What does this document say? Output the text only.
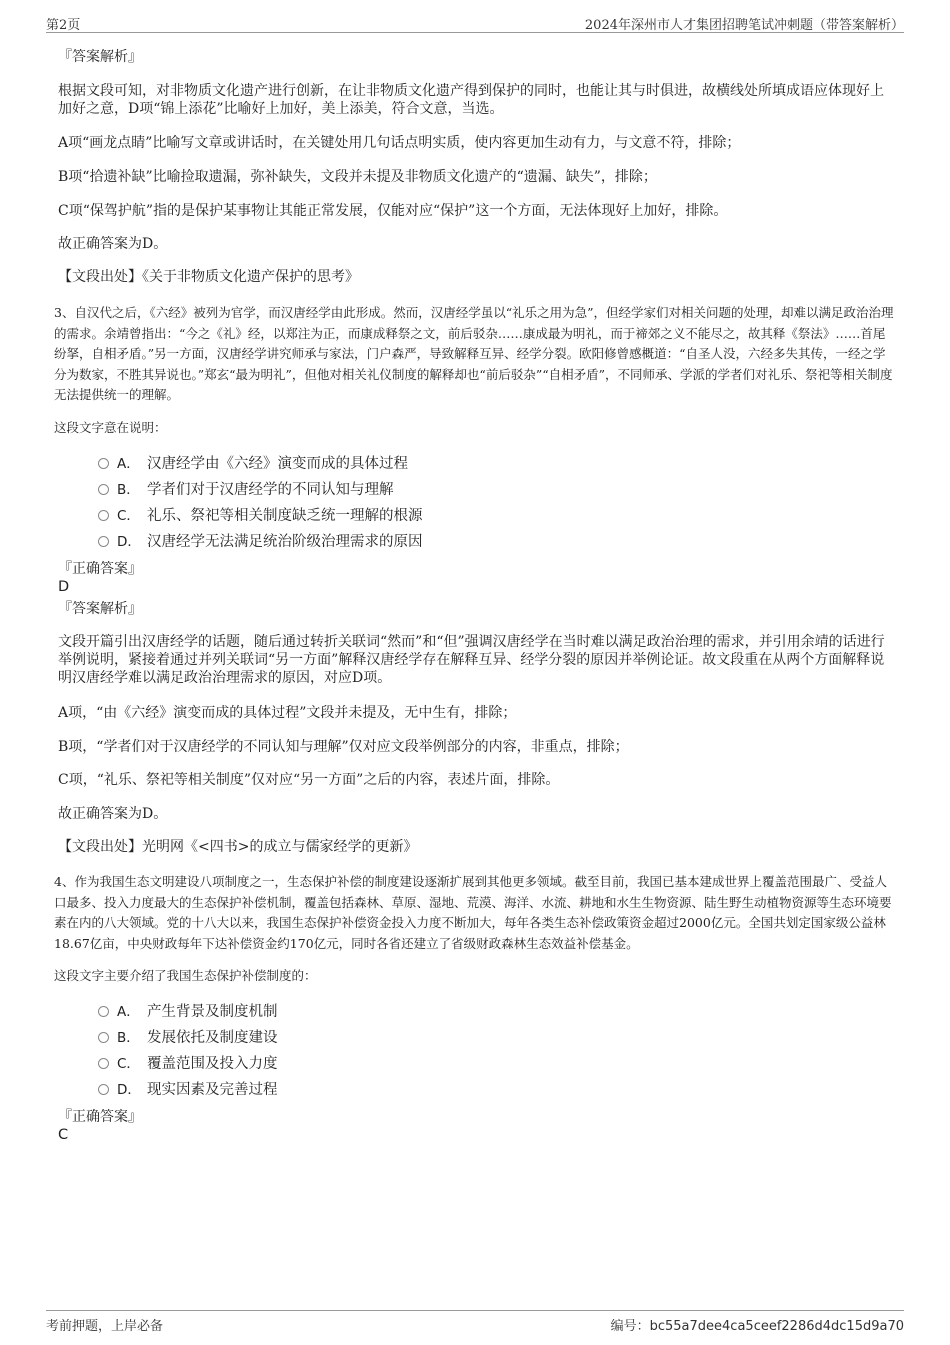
第2页	2024年深州市人才集团招聘笔试冲刺题（带答案解析）
『答案解析』
根据文段可知，对非物质文化遗产进行创新，在让非物质文化遗产得到保护的同时，也能让其与时俱进，故横线处所填成语应体现好上加好之意，D项“锦上添花”比喻好上加好，美上添美，符合文意，当选。
A项“画龙点睛”比喻写文章或讲话时，在关键处用几句话点明实质，使内容更加生动有力，与文意不符，排除；
B项“拾遗补缺”比喻捡取遗漏，弥补缺失，文段并未提及非物质文化遗产的“遗漏、缺失”，排除；
C项“保驾护航”指的是保护某事物让其能正常发展，仅能对应“保护”这一个方面，无法体现好上加好，排除。
故正确答案为D。
【文段出处】《关于非物质文化遗产保护的思考》
3、自汉代之后，《六经》被列为官学，而汉唐经学由此形成。然而，汉唐经学虽以“礼乐之用为急”，但经学家们对相关问题的处理，却难以满足政治治理的需求。余靖曾指出：“今之《礼》经，以郑注为正，而康成释祭之文，前后驳杂……康成最为明礼，而于禘郊之义不能尽之，故其释《祭法》……首尾纷拏，自相矛盾。”另一方面，汉唐经学讲究师承与家法，门户森严，导致解释互异、经学分裂。欧阳修曾感概道：“自圣人没，六经多失其传，一经之学分为数家，不胜其异说也。”郑玄“最为明礼”，但他对相关礼仪制度的解释却也“前后驳杂”“自相矛盾”，不同师承、学派的学者们对礼乐、祭祀等相关制度无法提供统一的理解。
这段文字意在说明：
A． 汉唐经学由《六经》演变而成的具体过程
B． 学者们对于汉唐经学的不同认知与理解
C． 礼乐、祭祀等相关制度缺乏统一理解的根源
D． 汉唐经学无法满足统治阶级治理需求的原因
『正确答案』
D
『答案解析』
文段开篇引出汉唐经学的话题，随后通过转折关联词“然而”和“但”强调汉唐经学在当时难以满足政治治理的需求，并引用余靖的话进行举例说明，紧接着通过并列关联词“另一方面”解释汉唐经学存在解释互异、经学分裂的原因并举例论证。故文段重在从两个方面解释说明汉唐经学难以满足政治治理需求的原因，对应D项。
A项，“由《六经》演变而成的具体过程”文段并未提及，无中生有，排除；
B项，“学者们对于汉唐经学的不同认知与理解”仅对应文段举例部分的内容，非重点，排除；
C项，“礼乐、祭祀等相关制度”仅对应“另一方面”之后的内容，表述片面，排除。
故正确答案为D。
【文段出处】光明网《<四书>的成立与儒家经学的更新》
4、作为我国生态文明建设八项制度之一，生态保护补偿的制度建设逐渐扩展到其他更多领域。截至目前，我国已基本建成世界上覆盖范围最广、受益人口最多、投入力度最大的生态保护补偿机制，覆盖包括森林、草原、湿地、荒漠、海洋、水流、耕地和水生生物资源、陆生野生动植物资源等生态环境要素在内的八大领域。党的十八大以来，我国生态保护补偿资金投入力度不断加大，每年各类生态补偿政策资金超过2000亿元。全国共划定国家级公益林18.67亿亩，中央财政每年下达补偿资金约170亿元，同时各省还建立了省级财政森林生态效益补偿基金。
这段文字主要介绍了我国生态保护补偿制度的：
A． 产生背景及制度机制
B． 发展依托及制度建设
C． 覆盖范围及投入力度
D． 现实因素及完善过程
『正确答案』
C
考前押题，上岸必备	编号：bc55a7dee4ca5ceef2286d4dc15d9a70
